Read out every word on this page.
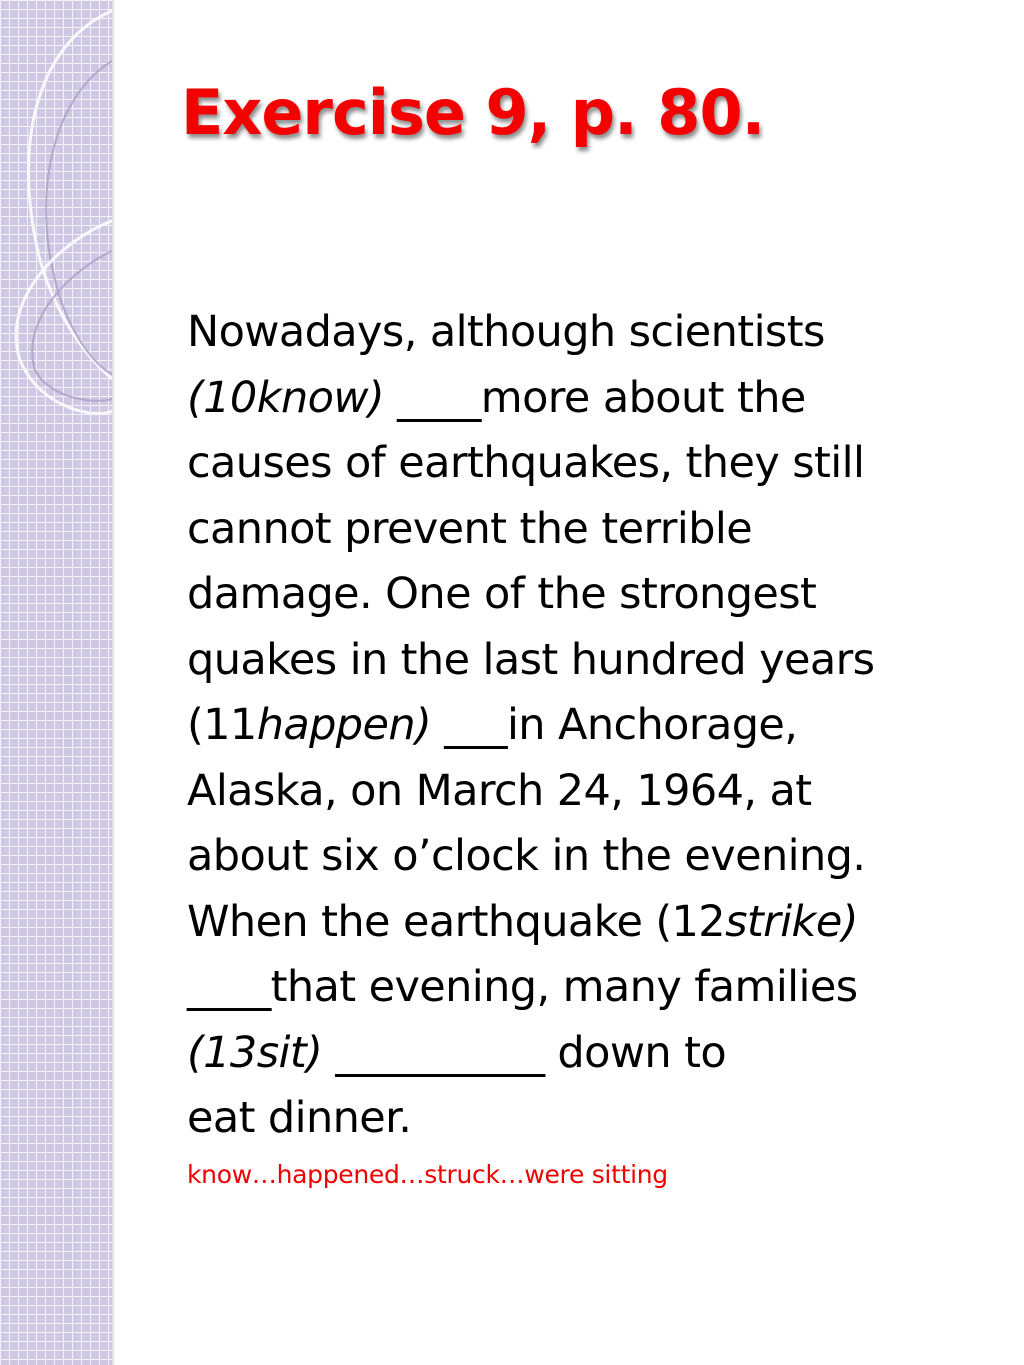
Exercise 9, p. 80.
Nowadays, although scientists
(10know) ____more about the
causes of earthquakes, they still
cannot prevent the terrible
damage. One of the strongest
quakes in the last hundred years
(11happen) ___in Anchorage,
Alaska, on March 24, 1964, at
about six o’clock in the evening.
When the earthquake (12strike)
____that evening, many families
(13sit) __________ down to
eat dinner.
know…happened…struck…were sitting
